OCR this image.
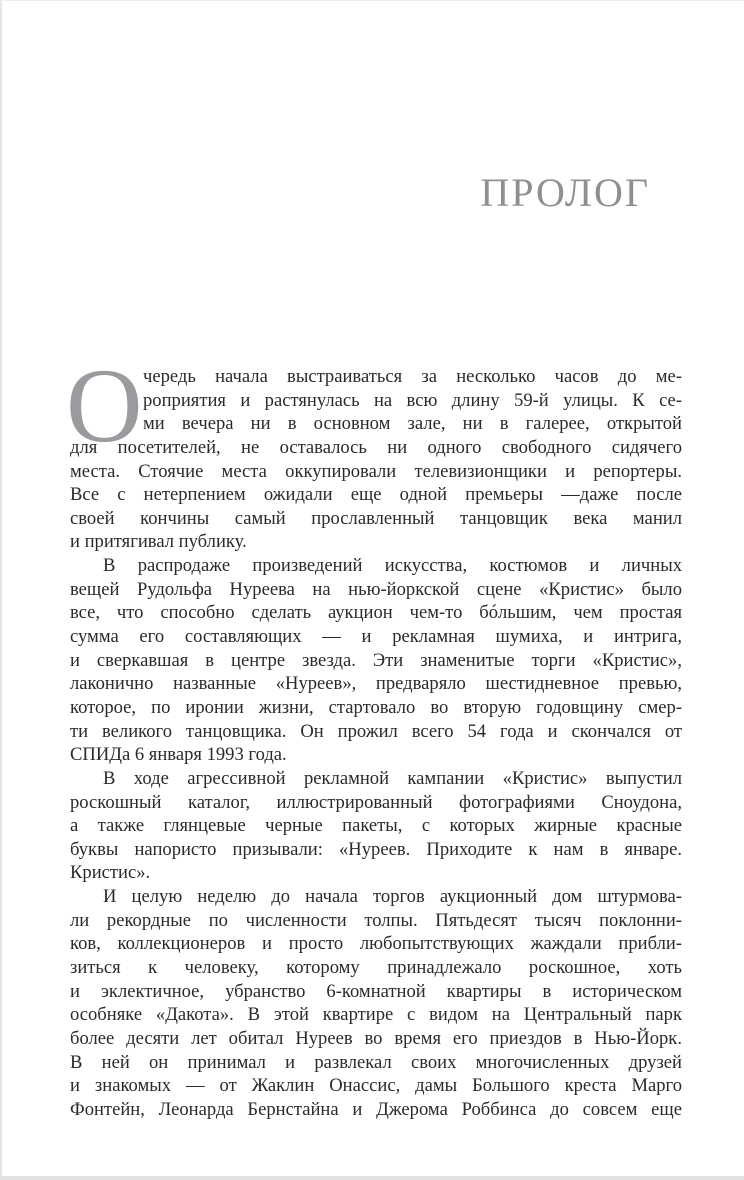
ПРОЛОГ
О чередь начала выстраиваться за несколько часов до ме-
роприятия и растянулась на всю длину 59-й улицы. К се-
ми вечера ни в основном зале, ни в галерее, открытой
для посетителей, не оставалось ни одного свободного сидячего
места. Стоячие места оккупировали телевизионщики и репортеры.
Все с нетерпением ожидали еще одной премьеры —даже после
своей кончины самый прославленный танцовщик века манил
и притягивал публику.
В распродаже произведений искусства, костюмов и личных
вещей Рудольфа Нуреева на нью-йоркской сцене «Кристис» было
все, что способно сделать аукцион чем-то бóльшим, чем простая
сумма его составляющих — и рекламная шумиха, и интрига,
и сверкавшая в центре звезда. Эти знаменитые торги «Кристис»,
лаконично названные «Нуреев», предваряло шестидневное превью,
которое, по иронии жизни, стартовало во вторую годовщину смер-
ти великого танцовщика. Он прожил всего 54 года и скончался от
СПИДа 6 января 1993 года.
В ходе агрессивной рекламной кампании «Кристис» выпустил
роскошный каталог, иллюстрированный фотографиями Сноудона,
а также глянцевые черные пакеты, с которых жирные красные
буквы напористо призывали: «Нуреев. Приходите к нам в январе.
Кристис».
И целую неделю до начала торгов аукционный дом штурмова-
ли рекордные по численности толпы. Пятьдесят тысяч поклонни-
ков, коллекционеров и просто любопытствующих жаждали прибли-
зиться к человеку, которому принадлежало роскошное, хоть
и эклектичное, убранство 6-комнатной квартиры в историческом
особняке «Дакота». В этой квартире с видом на Центральный парк
более десяти лет обитал Нуреев во время его приездов в Нью-Йорк.
В ней он принимал и развлекал своих многочисленных друзей
и знакомых — от Жаклин Онассис, дамы Большого креста Марго
Фонтейн, Леонарда Бернстайна и Джерома Роббинса до совсем еще
